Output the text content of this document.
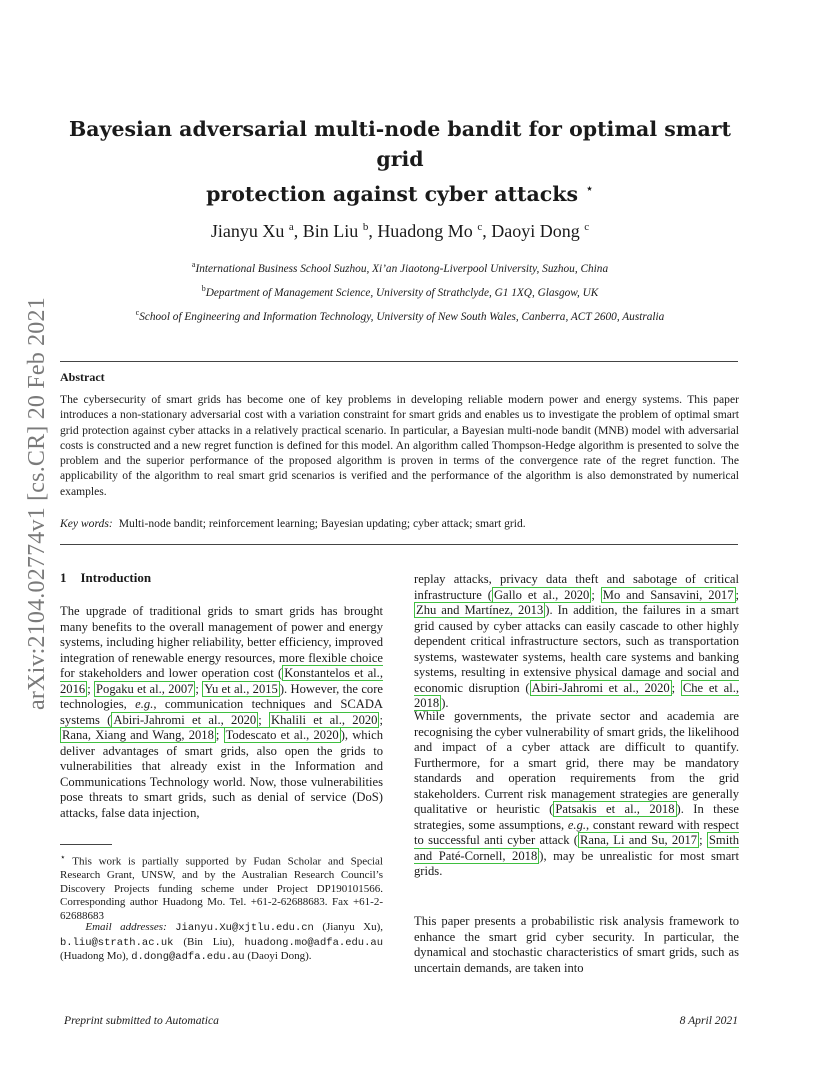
arXiv:2104.02774v1 [cs.CR] 20 Feb 2021
Bayesian adversarial multi-node bandit for optimal smart grid
protection against cyber attacks ⋆
Jianyu Xu $^a$, Bin Liu $^b$, Huadong Mo $^c$, Daoyi Dong $^c$
$^a$International Business School Suzhou, Xi’an Jiaotong-Liverpool University, Suzhou, China
$^b$Department of Management Science, University of Strathclyde, G1 1XQ, Glasgow, UK
$^c$School of Engineering and Information Technology, University of New South Wales, Canberra, ACT 2600, Australia
Abstract

The cybersecurity of smart grids has become one of key problems in developing reliable modern power and energy systems. This paper introduces a non-stationary adversarial cost with a variation constraint for smart grids and enables us to investigate the problem of optimal smart grid protection against cyber attacks in a relatively practical scenario. In particular, a Bayesian multi-node bandit (MNB) model with adversarial costs is constructed and a new regret function is defined for this model. An algorithm called Thompson-Hedge algorithm is presented to solve the problem and the superior performance of the proposed algorithm is proven in terms of the convergence rate of the regret function. The applicability of the algorithm to real smart grid scenarios is verified and the performance of the algorithm is also demonstrated by numerical examples.

Key words: Multi-node bandit; reinforcement learning; Bayesian updating; cyber attack; smart grid.
1 Introduction
The upgrade of traditional grids to smart grids has brought many benefits to the overall management of power and energy systems, including higher reliability, better efficiency, improved integration of renewable energy resources, more flexible choice for stakeholders and lower operation cost ( Konstantelos et al., 2016 ; Pogaku et al., 2007 ; Yu et al., 2015 ). However, the core technologies, e.g., communication techniques and SCADA systems ( Abiri-Jahromi et al., 2020 ; Khalili et al., 2020 ; Rana, Xiang and Wang, 2018 ; Todescato et al., 2020 ), which deliver advantages of smart grids, also open the grids to vulnerabilities that already exist in the Information and Communications Technology world. Now, those vulnerabilities pose threats to smart grids, such as denial of service (DoS) attacks, false data injection,
⋆ This work is partially supported by Fudan Scholar and Special Research Grant, UNSW, and by the Australian Research Council’s Discovery Projects funding scheme under Project DP190101566. Corresponding author Huadong Mo. Tel. +61-2-62688683. Fax +61-2-62688683
Email addresses: Jianyu.Xu@xjtlu.edu.cn (Jianyu Xu), b.liu@strath.ac.uk (Bin Liu), huadong.mo@adfa.edu.au (Huadong Mo), d.dong@adfa.edu.au (Daoyi Dong).
replay attacks, privacy data theft and sabotage of critical infrastructure ( Gallo et al., 2020 ; Mo and Sansavini, 2017 ; Zhu and Martínez, 2013 ). In addition, the failures in a smart grid caused by cyber attacks can easily cascade to other highly dependent critical infrastructure sectors, such as transportation systems, wastewater systems, health care systems and banking systems, resulting in extensive physical damage and social and economic disruption ( Abiri-Jahromi et al., 2020 ; Che et al., 2018 ).
While governments, the private sector and academia are recognising the cyber vulnerability of smart grids, the likelihood and impact of a cyber attack are difficult to quantify. Furthermore, for a smart grid, there may be mandatory standards and operation requirements from the grid stakeholders. Current risk management strategies are generally qualitative or heuristic ( Patsakis et al., 2018 ). In these strategies, some assumptions, e.g., constant reward with respect to successful anti cyber attack ( Rana, Li and Su, 2017 ; Smith and Paté-Cornell, 2018 ), may be unrealistic for most smart grids.
This paper presents a probabilistic risk analysis framework to enhance the smart grid cyber security. In particular, the dynamical and stochastic characteristics of smart grids, such as uncertain demands, are taken into
Preprint submitted to Automatica	8 April 2021
